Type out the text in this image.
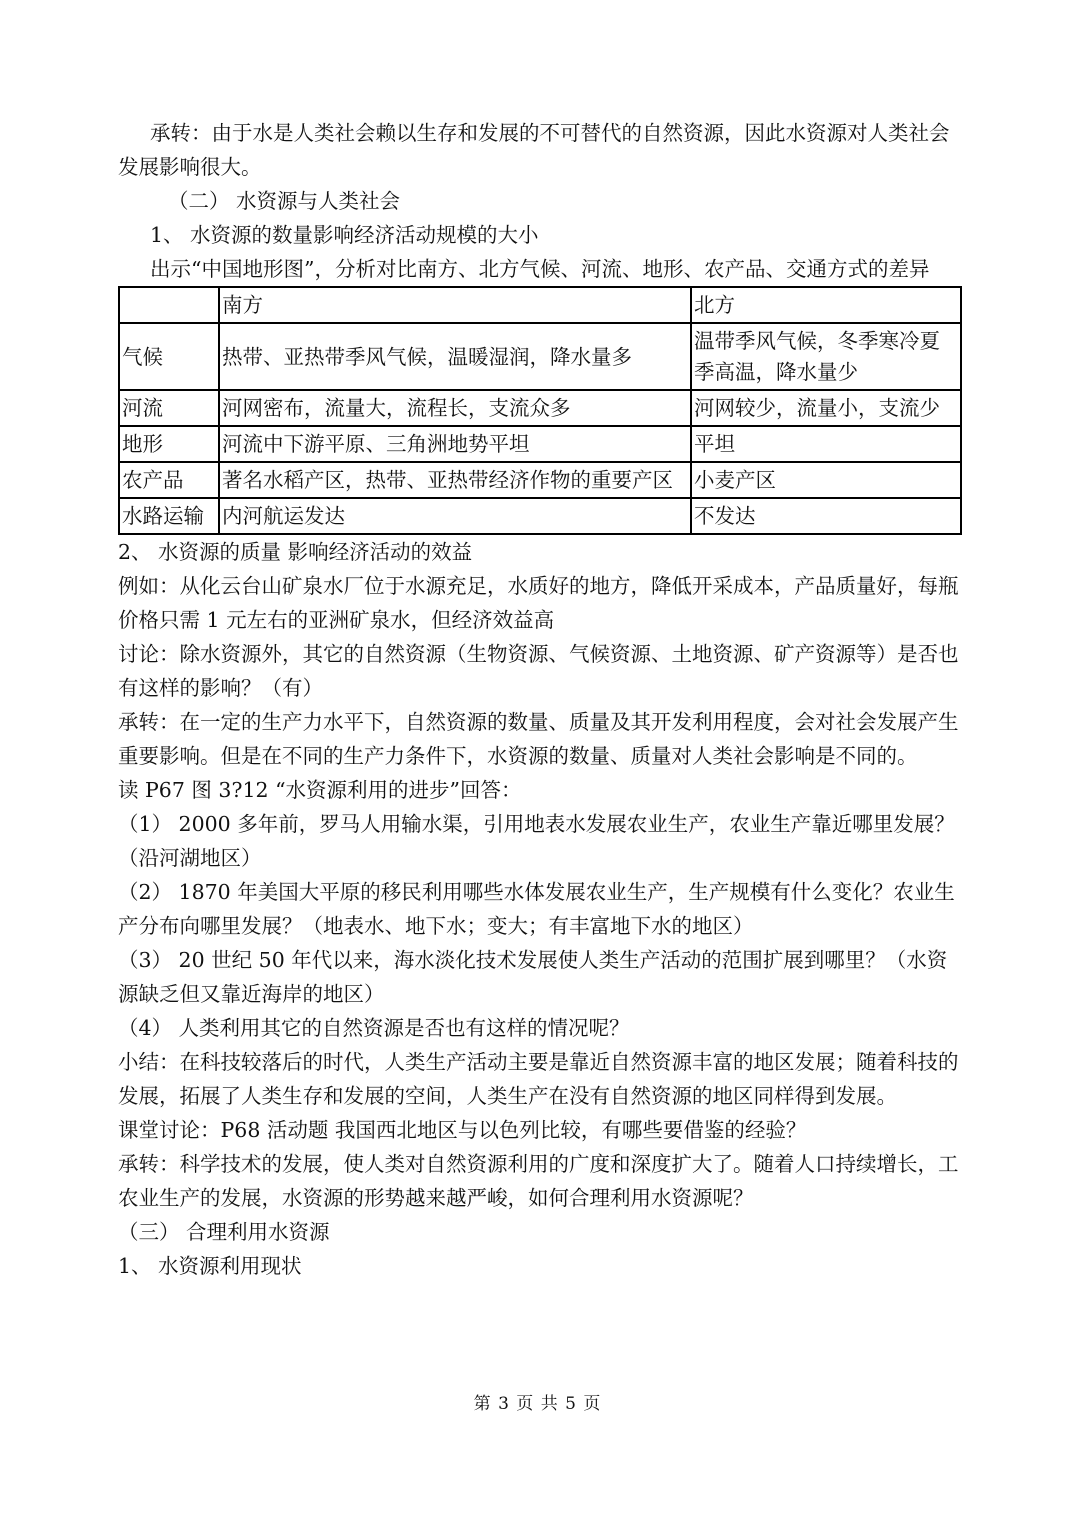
承转：由于水是人类社会赖以生存和发展的不可替代的自然资源，因此水资源对人类社会发展影响很大。

（二） 水资源与人类社会

1、 水资源的数量影响经济活动规模的大小

出示“中国地形图”，分析对比南方、北方气候、河流、地形、农产品、交通方式的差异

	南方	北方
气候	热带、亚热带季风气候，温暖湿润，降水量多	温带季风气候，冬季寒冷夏季高温，降水量少
河流	河网密布，流量大，流程长，支流众多	河网较少，流量小，支流少
地形	河流中下游平原、三角洲地势平坦	平坦
农产品	著名水稻产区，热带、亚热带经济作物的重要产区	小麦产区
水路运输	内河航运发达	不发达

2、 水资源的质量 影响经济活动的效益

例如：从化云台山矿泉水厂位于水源充足，水质好的地方，降低开采成本，产品质量好，每瓶价格只需 1 元左右的亚洲矿泉水，但经济效益高

讨论：除水资源外，其它的自然资源（生物资源、气候资源、土地资源、矿产资源等）是否也有这样的影响？（有）

承转：在一定的生产力水平下，自然资源的数量、质量及其开发利用程度，会对社会发展产生重要影响。但是在不同的生产力条件下，水资源的数量、质量对人类社会影响是不同的。

读 P67 图 3?12 “水资源利用的进步”回答：

（1） 2000 多年前，罗马人用输水渠，引用地表水发展农业生产，农业生产靠近哪里发展？（沿河湖地区）

（2） 1870 年美国大平原的移民利用哪些水体发展农业生产，生产规模有什么变化？农业生产分布向哪里发展？（地表水、地下水；变大；有丰富地下水的地区）

（3） 20 世纪 50 年代以来，海水淡化技术发展使人类生产活动的范围扩展到哪里？（水资源缺乏但又靠近海岸的地区）

（4） 人类利用其它的自然资源是否也有这样的情况呢？

小结：在科技较落后的时代，人类生产活动主要是靠近自然资源丰富的地区发展；随着科技的发展，拓展了人类生存和发展的空间，人类生产在没有自然资源的地区同样得到发展。

课堂讨论：P68 活动题 我国西北地区与以色列比较，有哪些要借鉴的经验？

承转：科学技术的发展，使人类对自然资源利用的广度和深度扩大了。随着人口持续增长，工农业生产的发展，水资源的形势越来越严峻，如何合理利用水资源呢？

（三） 合理利用水资源

1、 水资源利用现状

第 3 页 共 5 页
